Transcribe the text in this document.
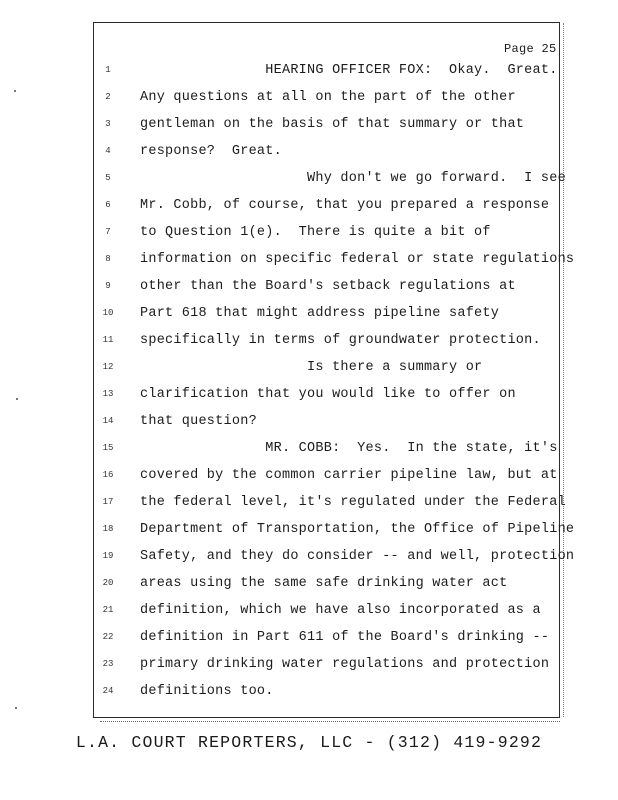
Page 25
1	HEARING OFFICER FOX:  Okay.  Great.
2	Any questions at all on the part of the other
3	gentleman on the basis of that summary or that
4	response?  Great.
5	Why don't we go forward.  I see
6	Mr. Cobb, of course, that you prepared a response
7	to Question 1(e).  There is quite a bit of
8	information on specific federal or state regulations
9	other than the Board's setback regulations at
10	Part 618 that might address pipeline safety
11	specifically in terms of groundwater protection.
12	Is there a summary or
13	clarification that you would like to offer on
14	that question?
15	MR. COBB:  Yes.  In the state, it's
16	covered by the common carrier pipeline law, but at
17	the federal level, it's regulated under the Federal
18	Department of Transportation, the Office of Pipeline
19	Safety, and they do consider -- and well, protection
20	areas using the same safe drinking water act
21	definition, which we have also incorporated as a
22	definition in Part 611 of the Board's drinking --
23	primary drinking water regulations and protection
24	definitions too.
L.A. COURT REPORTERS, LLC - (312) 419-9292
